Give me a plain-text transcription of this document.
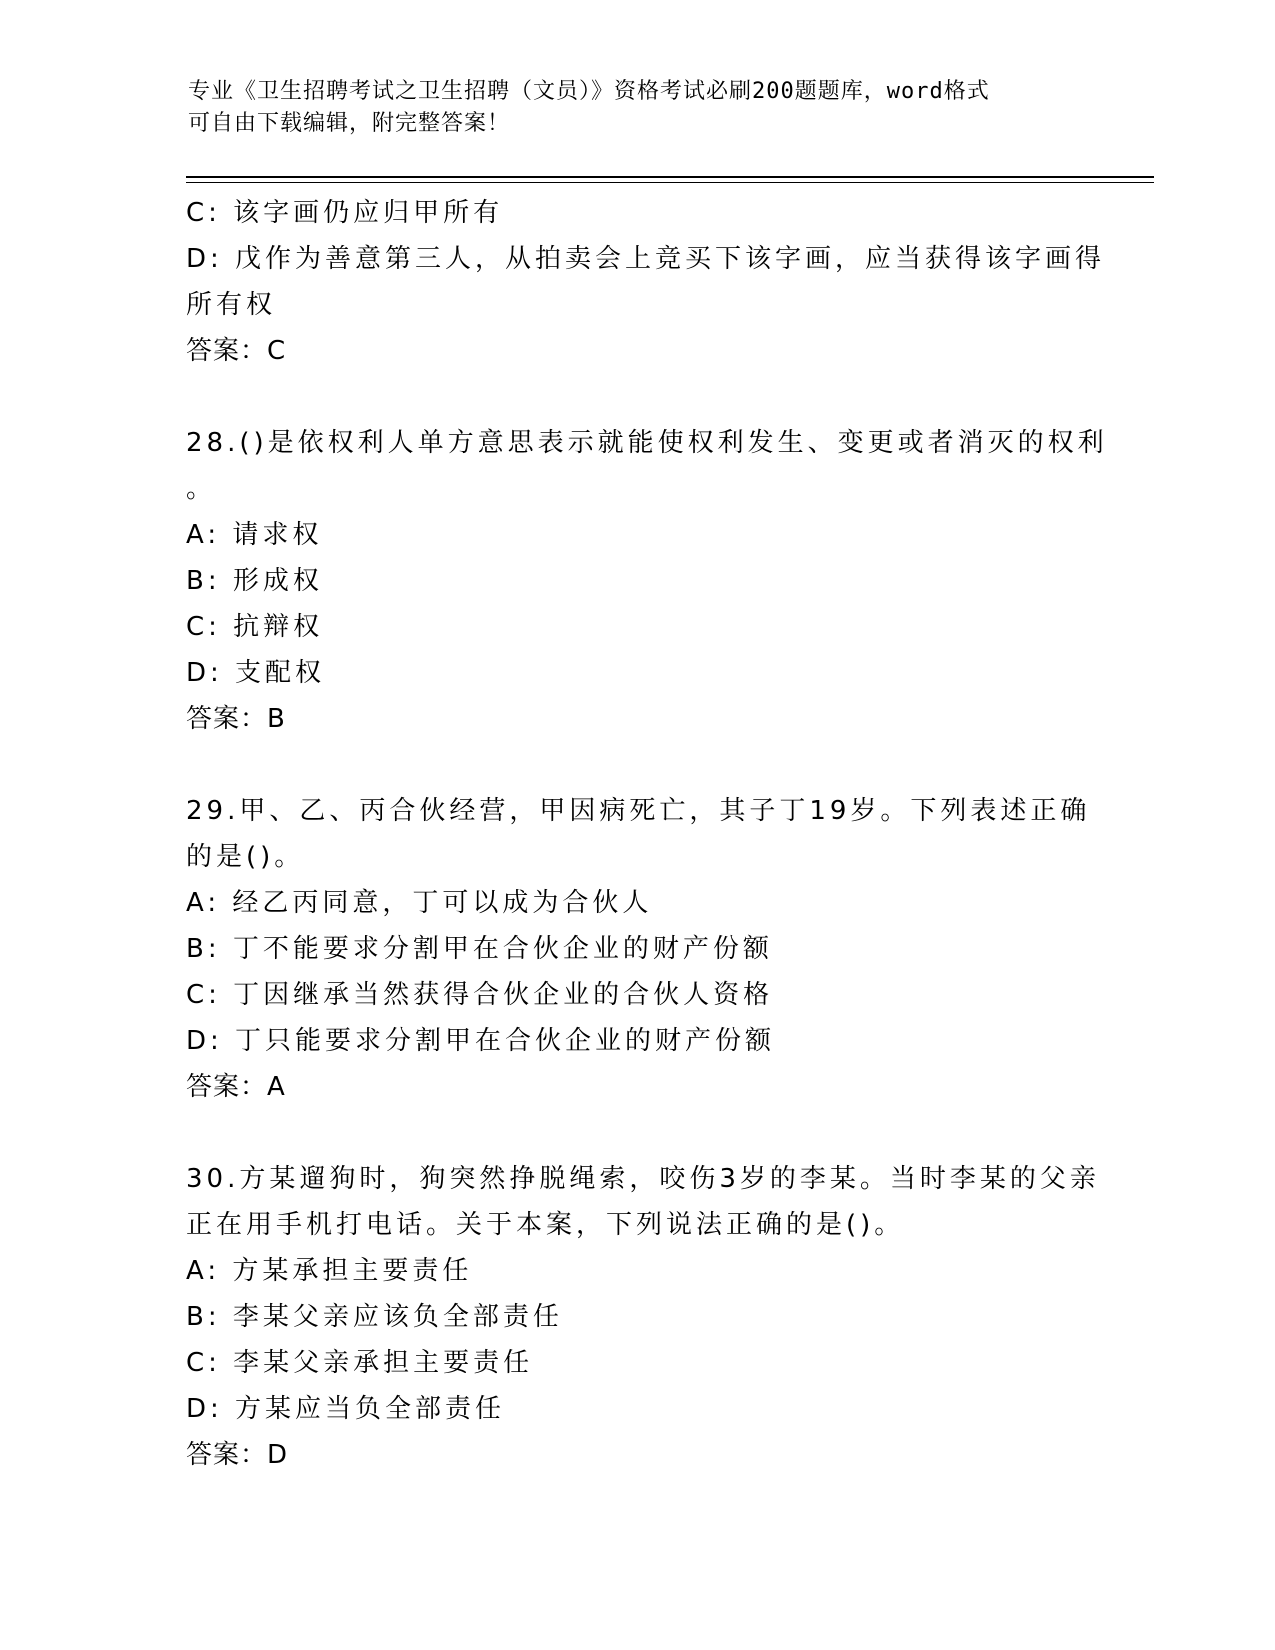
专业《卫生招聘考试之卫生招聘（文员）》资格考试必刷200题题库，word格式
可自由下载编辑，附完整答案！
C: 该字画仍应归甲所有
D: 戊作为善意第三人，从拍卖会上竞买下该字画，应当获得该字画得
所有权
答案：C
28.()是依权利人单方意思表示就能使权利发生、变更或者消灭的权利
。
A: 请求权
B: 形成权
C: 抗辩权
D: 支配权
答案：B
29.甲、乙、丙合伙经营，甲因病死亡，其子丁19岁。下列表述正确
的是()。
A: 经乙丙同意，丁可以成为合伙人
B: 丁不能要求分割甲在合伙企业的财产份额
C: 丁因继承当然获得合伙企业的合伙人资格
D: 丁只能要求分割甲在合伙企业的财产份额
答案：A
30.方某遛狗时，狗突然挣脱绳索，咬伤3岁的李某。当时李某的父亲
正在用手机打电话。关于本案，下列说法正确的是()。
A: 方某承担主要责任
B: 李某父亲应该负全部责任
C: 李某父亲承担主要责任
D: 方某应当负全部责任
答案：D
